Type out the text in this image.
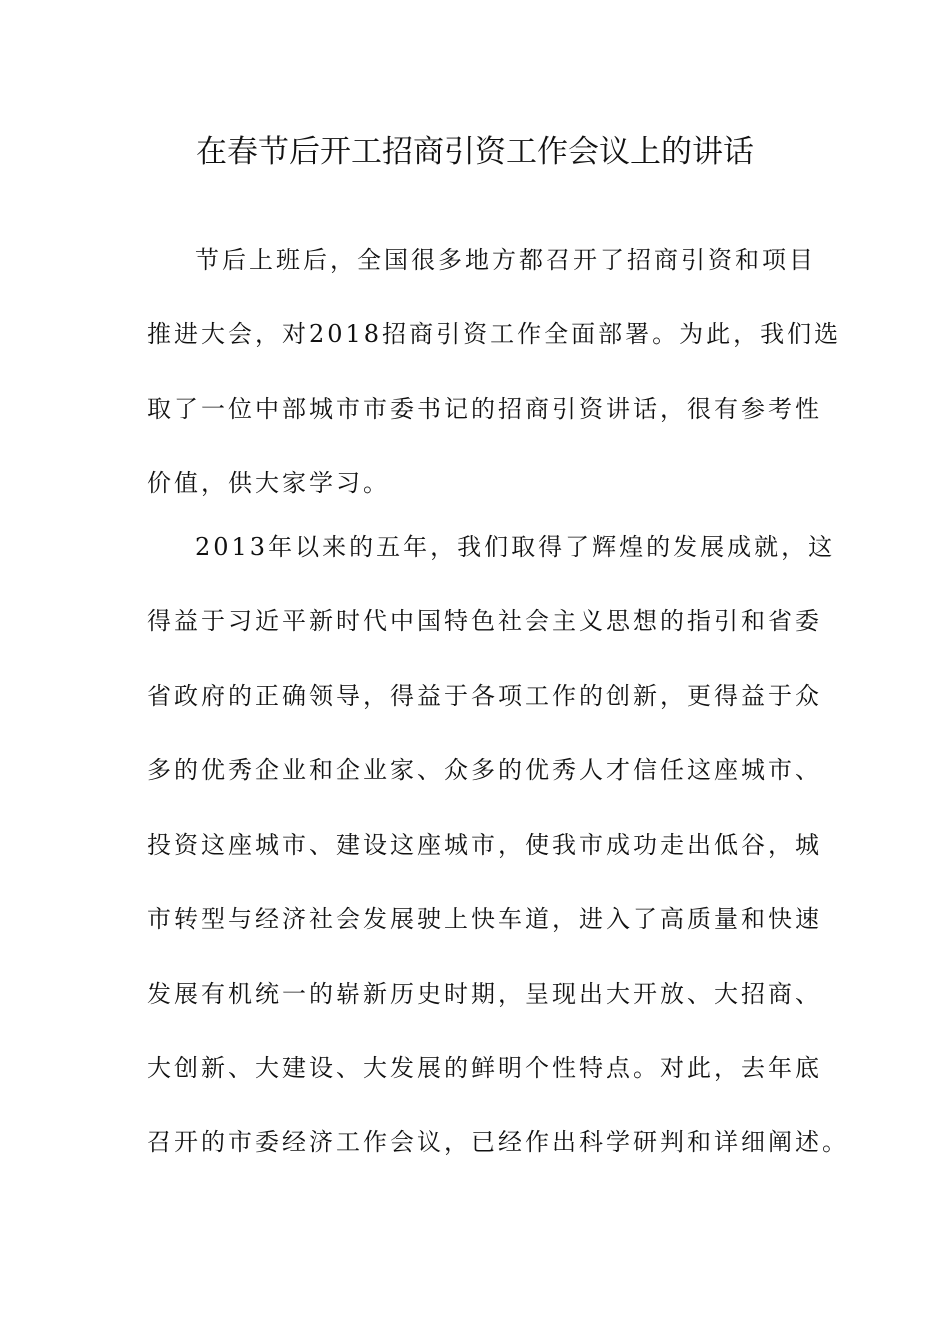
在春节后开工招商引资工作会议上的讲话

节后上班后，全国很多地方都召开了招商引资和项目

推进大会，对2018招商引资工作全面部署。为此，我们选

取了一位中部城市市委书记的招商引资讲话，很有参考性

价值，供大家学习。

2013年以来的五年，我们取得了辉煌的发展成就，这

得益于习近平新时代中国特色社会主义思想的指引和省委

省政府的正确领导，得益于各项工作的创新，更得益于众

多的优秀企业和企业家、众多的优秀人才信任这座城市、

投资这座城市、建设这座城市，使我市成功走出低谷，城

市转型与经济社会发展驶上快车道，进入了高质量和快速

发展有机统一的崭新历史时期，呈现出大开放、大招商、

大创新、大建设、大发展的鲜明个性特点。对此，去年底

召开的市委经济工作会议，已经作出科学研判和详细阐述。
